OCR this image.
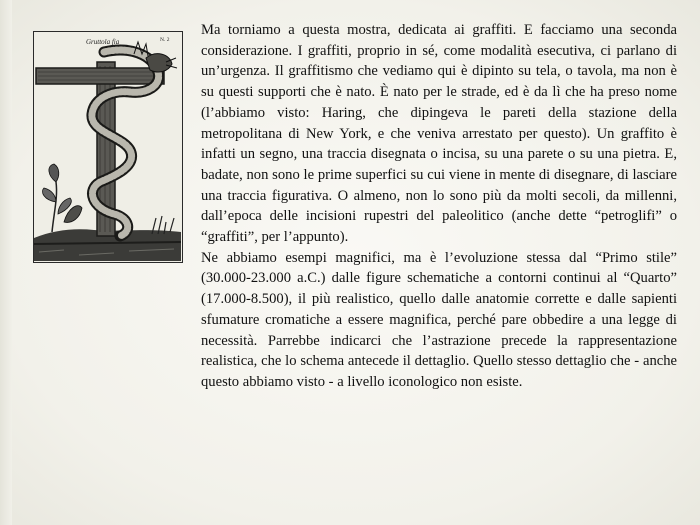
Gruttola fia	N. 2

Ma torniamo a questa mostra, dedicata ai graffiti. E facciamo una seconda considerazione. I graffiti, proprio in sé, come modalità esecutiva, ci parlano di un’urgenza. Il graffitismo che vediamo qui è dipinto su tela, o tavola, ma non è su questi supporti che è nato. È nato per le strade, ed è da lì che ha preso nome (l’abbiamo visto: Haring, che dipingeva le pareti della stazione della metropolitana di New York, e che veniva arrestato per questo). Un graffito è infatti un segno, una traccia disegnata o incisa, su una parete o su una pietra. E, badate, non sono le prime superfici su cui viene in mente di disegnare, di lasciare una traccia figurativa. O almeno, non lo sono più da molti secoli, da millenni, dall’epoca delle incisioni rupestri del paleolitico (anche dette “petroglifi” o “graffiti”, per l’appunto).

Ne abbiamo esempi magnifici, ma è l’evoluzione stessa dal “Primo stile” (30.000-23.000 a.C.) dalle figure schematiche a contorni continui al “Quarto” (17.000-8.500), il più realistico, quello dalle anatomie corrette e dalle sapienti sfumature cromatiche a essere magnifica, perché pare obbedire a una legge di necessità. Parrebbe indicarci che l’astrazione precede la rappresentazione realistica, che lo schema antecede il dettaglio. Quello stesso dettaglio che - anche questo abbiamo visto - a livello iconologico non esiste.
